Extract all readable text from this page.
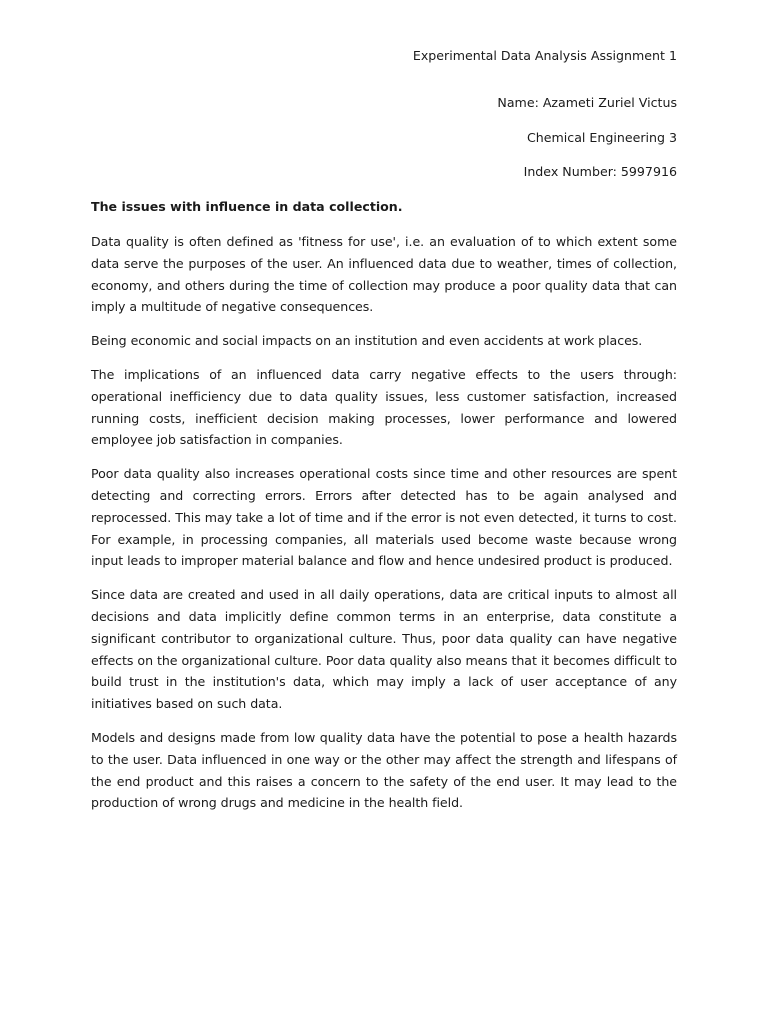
Experimental Data Analysis Assignment 1
Name: Azameti Zuriel Victus
Chemical Engineering 3
Index Number: 5997916

The issues with influence in data collection.

Data quality is often defined as 'fitness for use', i.e. an evaluation of to which extent some data serve the purposes of the user. An influenced data due to weather, times of collection, economy, and others during the time of collection may produce a poor quality data that can imply a multitude of negative consequences.

Being economic and social impacts on an institution and even accidents at work places.

The implications of an influenced data carry negative effects to the users through: operational inefficiency due to data quality issues, less customer satisfaction, increased running costs, inefficient decision making processes, lower performance and lowered employee job satisfaction in companies.

Poor data quality also increases operational costs since time and other resources are spent detecting and correcting errors. Errors after detected has to be again analysed and reprocessed. This may take a lot of time and if the error is not even detected, it turns to cost. For example, in processing companies, all materials used become waste because wrong input leads to improper material balance and flow and hence undesired product is produced.

Since data are created and used in all daily operations, data are critical inputs to almost all decisions and data implicitly define common terms in an enterprise, data constitute a significant contributor to organizational culture. Thus, poor data quality can have negative effects on the organizational culture. Poor data quality also means that it becomes difficult to build trust in the institution's data, which may imply a lack of user acceptance of any initiatives based on such data.

Models and designs made from low quality data have the potential to pose a health hazards to the user. Data influenced in one way or the other may affect the strength and lifespans of the end product and this raises a concern to the safety of the end user. It may lead to the production of wrong drugs and medicine in the health field.
